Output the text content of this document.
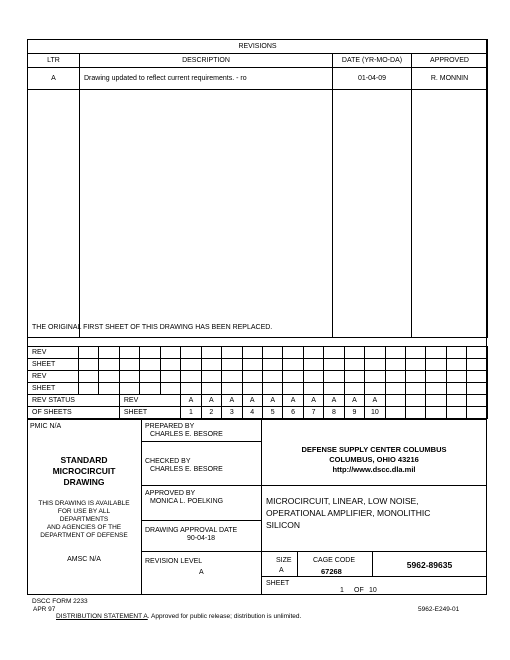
REVISIONS			
LTR	DESCRIPTION	DATE (YR-MO-DA)	APPROVED
A	Drawing updated to reflect current requirements. - ro	01-04-09	R. MONNIN

THE ORIGINAL FIRST SHEET OF THIS DRAWING HAS BEEN REPLACED.
REV																				
SHEET																				
REV																				
SHEET																				
REV STATUS			REV			A	A	A	A	A	A	A	A	A	A					
OF SHEETS			SHEET			1	2	3	4	5	6	7	8	9	10					
PMIC N/A
STANDARD
MICROCIRCUIT
DRAWING
THIS DRAWING IS AVAILABLE
FOR USE BY ALL
DEPARTMENTS
AND AGENCIES OF THE
DEPARTMENT OF DEFENSE
AMSC N/A
PREPARED BY
CHARLES E. BESORE
CHECKED BY
CHARLES E. BESORE
APPROVED BY
MONICA L. POELKING
DRAWING APPROVAL DATE
90-04-18
REVISION LEVEL
A
DEFENSE SUPPLY CENTER COLUMBUS
COLUMBUS, OHIO 43216
http://www.dscc.dla.mil
MICROCIRCUIT, LINEAR, LOW NOISE,
OPERATIONAL AMPLIFIER, MONOLITHIC
SILICON
SIZE
A
CAGE CODE
67268
5962-89635
SHEET
1 OF 10
DSCC FORM 2233
APR 97
DISTRIBUTION STATEMENT A. Approved for public release; distribution is unlimited.
5962-E249-01
